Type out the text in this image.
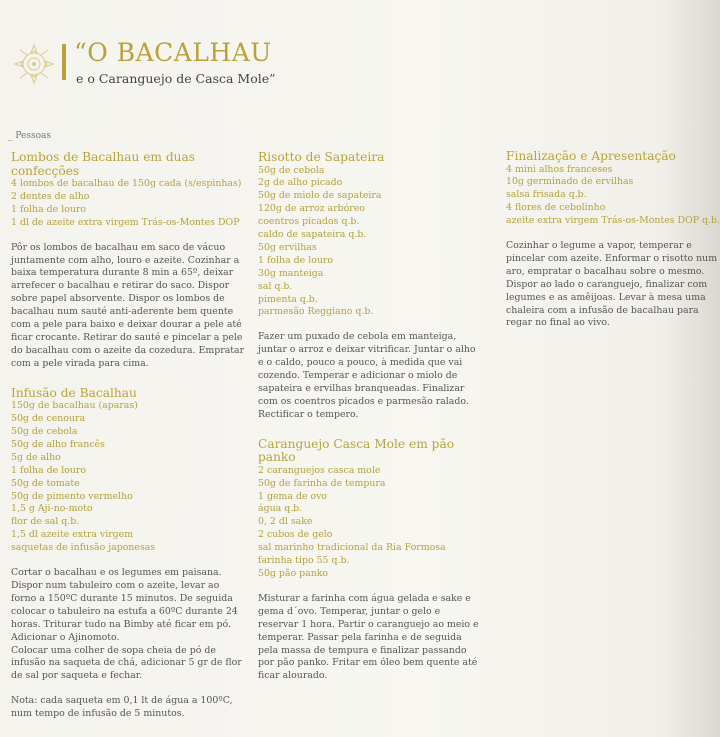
“O BACALHAU
e o Caranguejo de Casca Mole”
_ Pessoas
Lombos de Bacalhau em duas confecções
4 lombos de bacalhau de 150g cada (s/espinhas)
2 dentes de alho
1 folha de louro
1 dl de azeite extra virgem Trás-os-Montes DOP

Pôr os lombos de bacalhau em saco de vácuo juntamente com alho, louro e azeite. Cozinhar a baixa temperatura durante 8 min a 65º, deixar arrefecer o bacalhau e retirar do saco. Dispor sobre papel absorvente. Dispor os lombos de bacalhau num sauté anti-aderente bem quente com a pele para baixo e deixar dourar a pele até ficar crocante. Retirar do sauté e pincelar a pele do bacalhau com o azeite da cozedura. Empratar com a pele virada para cima.

Infusão de Bacalhau
150g de bacalhau (aparas)
50g de cenoura
50g de cebola
50g de alho francês
5g de alho
1 folha de louro
50g de tomate
50g de pimento vermelho
1,5 g Aji-no-moto
flor de sal q.b.
1,5 dl azeite extra virgem
saquetas de infusão japonesas

Cortar o bacalhau e os legumes em paisana. Dispor num tabuleiro com o azeite, levar ao forno a 150ºC durante 15 minutos. De seguida colocar o tabuleiro na estufa a 60ºC durante 24 horas. Triturar tudo na Bimby até ficar em pó. Adicionar o Ajinomoto.

Colocar uma colher de sopa cheia de pó de infusão na saqueta de chá, adicionar 5 gr de flor de sal por saqueta e fechar.

Nota: cada saqueta em 0,1 lt de água a 100ºC, num tempo de infusão de 5 minutos.

Risotto de Sapateira
50g de cebola
2g de alho picado
50g de miolo de sapateira
120g de arroz arbóreo
coentros picados q.b.
caldo de sapateira q.b.
50g ervilhas
1 folha de louro
30g manteiga
sal q.b.
pimenta q.b.
parmesão Reggiano q.b.

Fazer um puxado de cebola em manteiga, juntar o arroz e deixar vitrificar. Juntar o alho e o caldo, pouco a pouco, à medida que vai cozendo. Temperar e adicionar o miolo de sapateira e ervilhas branqueadas. Finalizar com os coentros picados e parmesão ralado. Rectificar o tempero.

Caranguejo Casca Mole em pão panko
2 caranguejos casca mole
50g de farinha de tempura
1 gema de ovo
água q.b.
0, 2 dl sake
2 cubos de gelo
sal marinho tradicional da Ria Formosa
farinha tipo 55 q.b.
50g pão panko

Misturar a farinha com água gelada e sake e gema d´ovo. Temperar, juntar o gelo e reservar 1 hora. Partir o caranguejo ao meio e temperar. Passar pela farinha e de seguida pela massa de tempura e finalizar passando por pão panko. Fritar em óleo bem quente até ficar alourado.

Finalização e Apresentação
4 mini alhos franceses
10g germinado de ervilhas
salsa frisada q.b.
4 flores de cebolinho
azeite extra virgem Trás-os-Montes DOP q.b.

Cozinhar o legume a vapor, temperar e pincelar com azeite. Enformar o risotto num aro, empratar o bacalhau sobre o mesmo. Dispor ao lado o caranguejo, finalizar com legumes e as amêijoas. Levar à mesa uma chaleira com a infusão de bacalhau para regar no final ao vivo.
